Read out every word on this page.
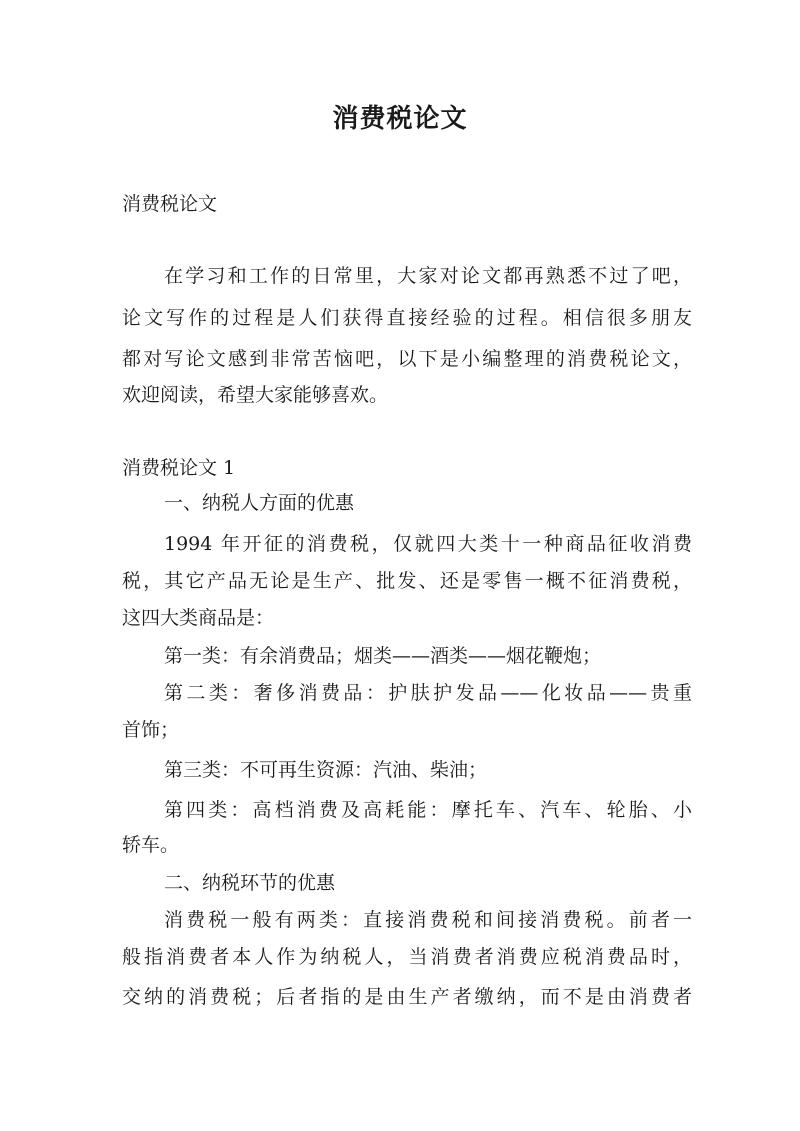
消费税论文

消费税论文

在学习和工作的日常里，大家对论文都再熟悉不过了吧，

论文写作的过程是人们获得直接经验的过程。相信很多朋友

都对写论文感到非常苦恼吧，以下是小编整理的消费税论文，

欢迎阅读，希望大家能够喜欢。

消费税论文 1

一、纳税人方面的优惠

1994 年开征的消费税，仅就四大类十一种商品征收消费

税，其它产品无论是生产、批发、还是零售一概不征消费税，

这四大类商品是：

第一类：有余消费品；烟类——酒类——烟花鞭炮；

第二类：奢侈消费品：护肤护发品——化妆品——贵重

首饰；

第三类：不可再生资源：汽油、柴油；

第四类：高档消费及高耗能：摩托车、汽车、轮胎、小

轿车。

二、纳税环节的优惠

消费税一般有两类：直接消费税和间接消费税。前者一

般指消费者本人作为纳税人，当消费者消费应税消费品时，

交纳的消费税；后者指的是由生产者缴纳，而不是由消费者
